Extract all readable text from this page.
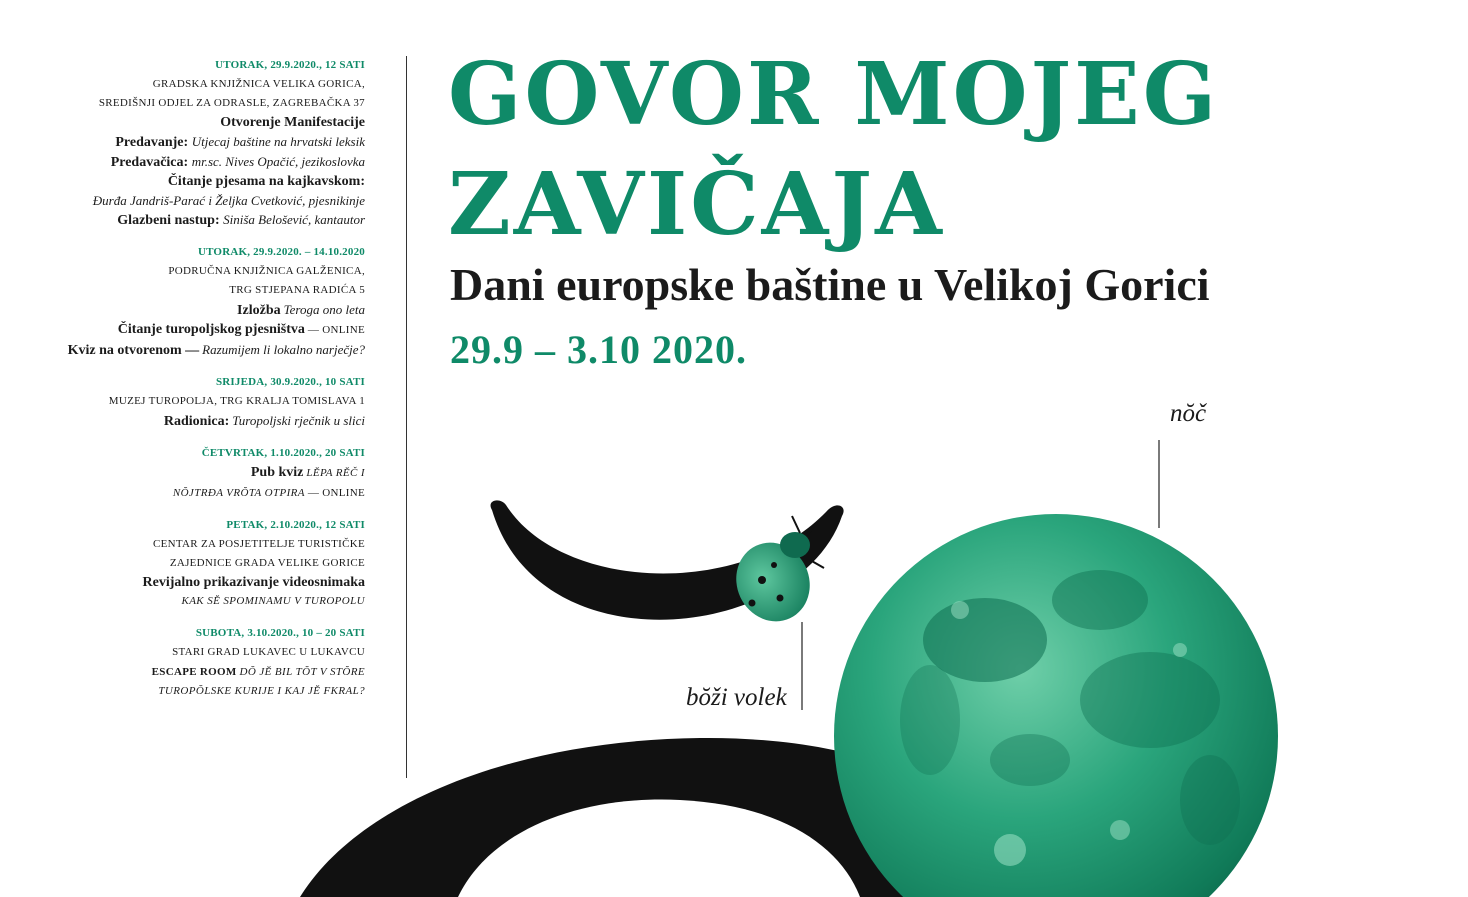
UTORAK, 29.9.2020., 12 SATI
GRADSKA KNJIŽNICA VELIKA GORICA,
SREDIŠNJI ODJEL ZA ODRASLE, ZAGREBAČKA 37
Otvorenje Manifestacije
Predavanje: Utjecaj baštine na hrvatski leksik
Predavačica: mr.sc. Nives Opačić, jezikoslovka
Čitanje pjesama na kajkavskom:
Đurđa Jandriš-Parać i Željka Cvetković, pjesnikinje
Glazbeni nastup: Siniša Belošević, kantautor
UTORAK, 29.9.2020. – 14.10.2020
PODRUČNA KNJIŽNICA GALŽENICA,
TRG STJEPANA RADIĆA 5
Izložba Teroga ono leta
Čitanje turopoljskog pjesništva — ONLINE
Kviz na otvorenom — Razumijem li lokalno narječje?
SRIJEDA, 30.9.2020., 10 SATI
MUZEJ TUROPOLJA, TRG KRALJA TOMISLAVA 1
Radionica: Turopoljski rječnik u slici
ČETVRTAK, 1.10.2020., 20 SATI
Pub kviz LĔPA RĔČ I
NŎJTRĐA VRŎTA OTPIRA — ONLINE
PETAK, 2.10.2020., 12 SATI
CENTAR ZA POSJETITELJE TURISTIČKE
ZAJEDNICE GRADA VELIKE GORICE
Revijalno prikazivanje videosnimaka
KAK SĔ SPOMINAMU V TUROPOLU
SUBOTA, 3.10.2020., 10 – 20 SATI
STARI GRAD LUKAVEC U LUKAVCU
ESCAPE ROOM DŎ JĔ BIL TŎT V STŎRE
TUROPŎLSKE KURIJE I KAJ JĔ FKRAL?
GOVOR MOJEG
ZAVIČAJA
Dani europske baštine u Velikoj Gorici
29.9 – 3.10 2020.
nŏč
bŏži volek
